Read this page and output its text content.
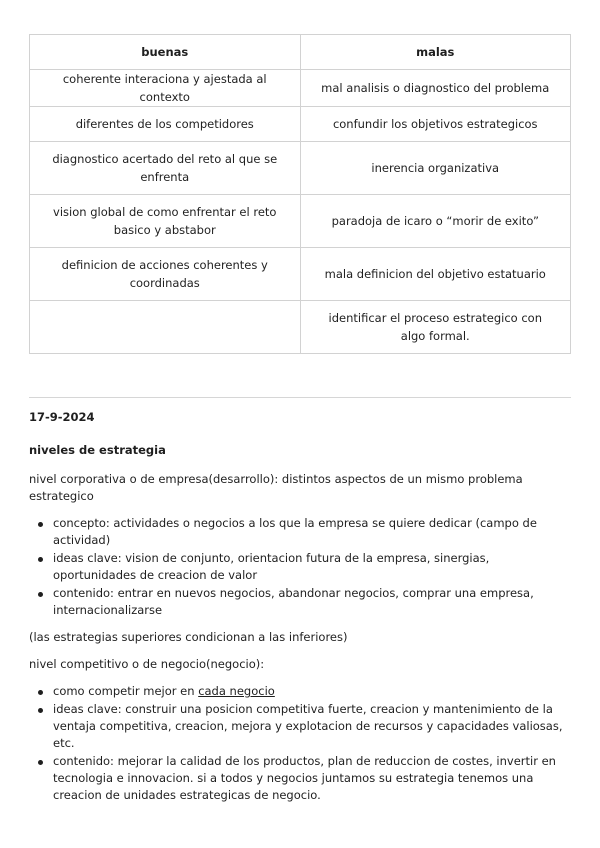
buenas	malas
coherente interaciona y ajestada al contexto	mal analisis o diagnostico del problema
diferentes de los competidores	confundir los objetivos estrategicos
diagnostico acertado del reto al que se enfrenta	inerencia organizativa
vision global de como enfrentar el reto basico y abstabor	paradoja de icaro o “morir de exito”
definicion de acciones coherentes y coordinadas	mala definicion del objetivo estatuario
	identificar el proceso estrategico con algo formal.

17-9-2024

niveles de estrategia

nivel corporativa o de empresa(desarrollo): distintos aspectos de un mismo problema estrategico

concepto: actividades o negocios a los que la empresa se quiere dedicar (campo de actividad)
ideas clave: vision de conjunto, orientacion futura de la empresa, sinergias, oportunidades de creacion de valor
contenido: entrar en nuevos negocios, abandonar negocios, comprar una empresa, internacionalizarse

(las estrategias superiores condicionan a las inferiores)

nivel competitivo o de negocio(negocio):

como competir mejor en cada negocio
ideas clave: construir una posicion competitiva fuerte, creacion y mantenimiento de la ventaja competitiva, creacion, mejora y explotacion de recursos y capacidades valiosas, etc.
contenido: mejorar la calidad de los productos, plan de reduccion de costes, invertir en tecnologia e innovacion. si a todos y negocios juntamos su estrategia tenemos una creacion de unidades estrategicas de negocio.
